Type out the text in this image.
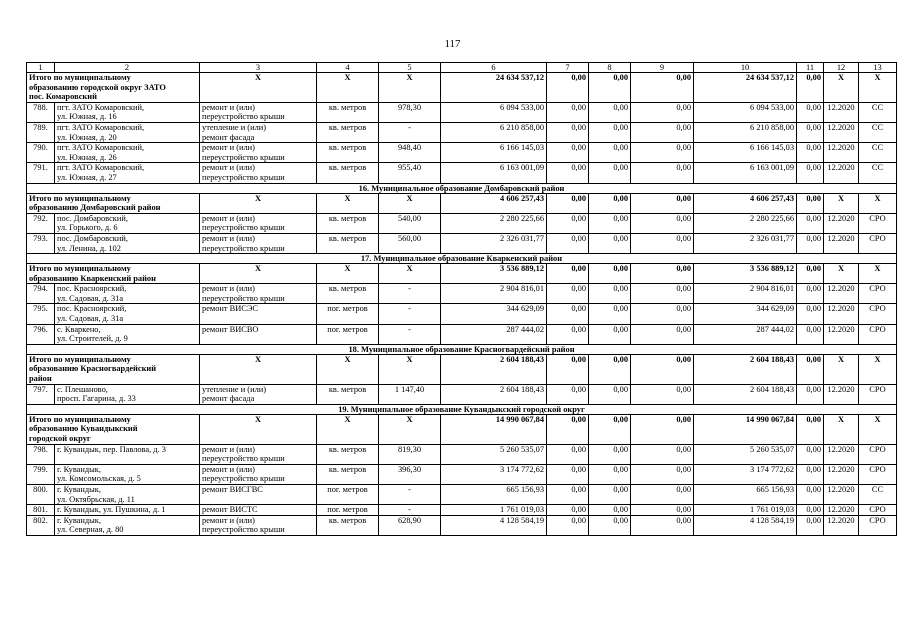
117
1	2	3	4	5	6	7	8	9	10	11	12	13
Итого по муниципальному
образованию городской округ ЗАТО
пос. Комаровский		X	X	X	24 634 537,12	0,00	0,00	0,00	24 634 537,12	0,00	X	X
788.	пгт. ЗАТО Комаровский,
ул. Южная, д. 16	ремонт и (или)
переустройство крыши	кв. метров	978,30	6 094 533,00	0,00	0,00	0,00	6 094 533,00	0,00	12.2020	СС
789.	пгт. ЗАТО Комаровский,
ул. Южная, д. 20	утепление и (или)
ремонт фасада	кв. метров	-	6 210 858,00	0,00	0,00	0,00	6 210 858,00	0,00	12.2020	СС
790.	пгт. ЗАТО Комаровский,
ул. Южная, д. 26	ремонт и (или)
переустройство крыши	кв. метров	948,40	6 166 145,03	0,00	0,00	0,00	6 166 145,03	0,00	12.2020	СС
791.	пгт. ЗАТО Комаровский,
ул. Южная, д. 27	ремонт и (или)
переустройство крыши	кв. метров	955,40	6 163 001,09	0,00	0,00	0,00	6 163 001,09	0,00	12.2020	СС
16. Муниципальное образование Домбаровский район												
Итого по муниципальному
образованию Домбаровский район		X	X	X	4 606 257,43	0,00	0,00	0,00	4 606 257,43	0,00	X	X
792.	пос. Домбаровский,
ул. Горького, д. 6	ремонт и (или)
переустройство крыши	кв. метров	540,00	2 280 225,66	0,00	0,00	0,00	2 280 225,66	0,00	12.2020	СРО
793.	пос. Домбаровский,
ул. Ленина, д. 102	ремонт и (или)
переустройство крыши	кв. метров	560,00	2 326 031,77	0,00	0,00	0,00	2 326 031,77	0,00	12.2020	СРО
17. Муниципальное образование Кваркенский район												
Итого по муниципальному
образованию Кваркенский район		X	X	X	3 536 889,12	0,00	0,00	0,00	3 536 889,12	0,00	X	X
794.	пос. Красноярский,
ул. Садовая, д. 31а	ремонт и (или)
переустройство крыши	кв. метров	-	2 904 816,01	0,00	0,00	0,00	2 904 816,01	0,00	12.2020	СРО
795.	пос. Красноярский,
ул. Садовая, д. 31а	ремонт ВИСЭС	пог. метров	-	344 629,09	0,00	0,00	0,00	344 629,09	0,00	12.2020	СРО
796.	с. Кваркено,
ул. Строителей, д. 9	ремонт ВИСВО	пог. метров	-	287 444,02	0,00	0,00	0,00	287 444,02	0,00	12.2020	СРО
18. Муниципальное образование Красногвардейский район												
Итого по муниципальному
образованию Красногвардейский
район		X	X	X	2 604 188,43	0,00	0,00	0,00	2 604 188,43	0,00	X	X
797.	с. Плешаново,
просп. Гагарина, д. 33	утепление и (или)
ремонт фасада	кв. метров	1 147,40	2 604 188,43	0,00	0,00	0,00	2 604 188,43	0,00	12.2020	СРО
19. Муниципальное образование Кувандыкский городской округ												
Итого по муниципальному
образованию Кувандыкский
городской округ		X	X	X	14 990 067,84	0,00	0,00	0,00	14 990 067,84	0,00	X	X
798.	г. Кувандык, пер. Павлова, д. 3	ремонт и (или)
переустройство крыши	кв. метров	819,30	5 260 535,07	0,00	0,00	0,00	5 260 535,07	0,00	12.2020	СРО
799.	г. Кувандык,
ул. Комсомольская, д. 5	ремонт и (или)
переустройство крыши	кв. метров	396,30	3 174 772,62	0,00	0,00	0,00	3 174 772,62	0,00	12.2020	СРО
800.	г. Кувандык,
ул. Октябрьская, д. 11	ремонт ВИСГВС	пог. метров	-	665 156,93	0,00	0,00	0,00	665 156,93	0,00	12.2020	СС
801.	г. Кувандык, ул. Пушкина, д. 1	ремонт ВИСТС	пог. метров	-	1 761 019,03	0,00	0,00	0,00	1 761 019,03	0,00	12.2020	СРО
802.	г. Кувандык,
ул. Северная, д. 80	ремонт и (или)
переустройство крыши	кв. метров	628,90	4 128 584,19	0,00	0,00	0,00	4 128 584,19	0,00	12.2020	СРО
